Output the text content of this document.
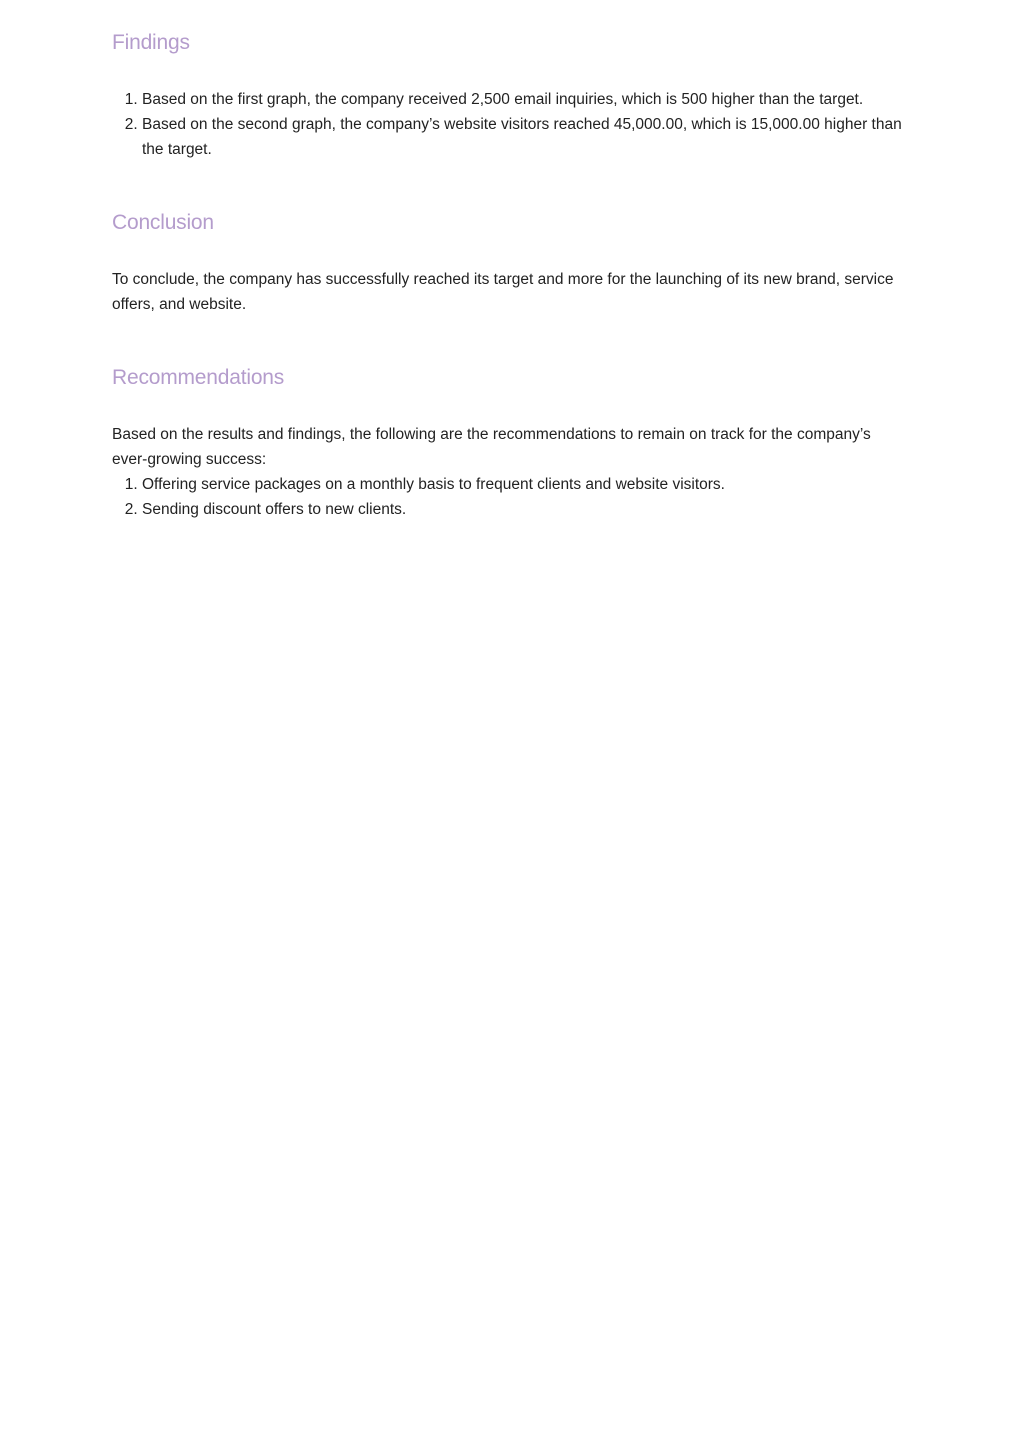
Findings
1. Based on the first graph, the company received 2,500 email inquiries, which is 500 higher than the target.
2. Based on the second graph, the company’s website visitors reached 45,000.00, which is 15,000.00 higher than the target.
Conclusion

To conclude, the company has successfully reached its target and more for the launching of its new brand, service offers, and website.

Recommendations

Based on the results and findings, the following are the recommendations to remain on track for the company’s ever-growing success:

1. Offering service packages on a monthly basis to frequent clients and website visitors.
2. Sending discount offers to new clients.
